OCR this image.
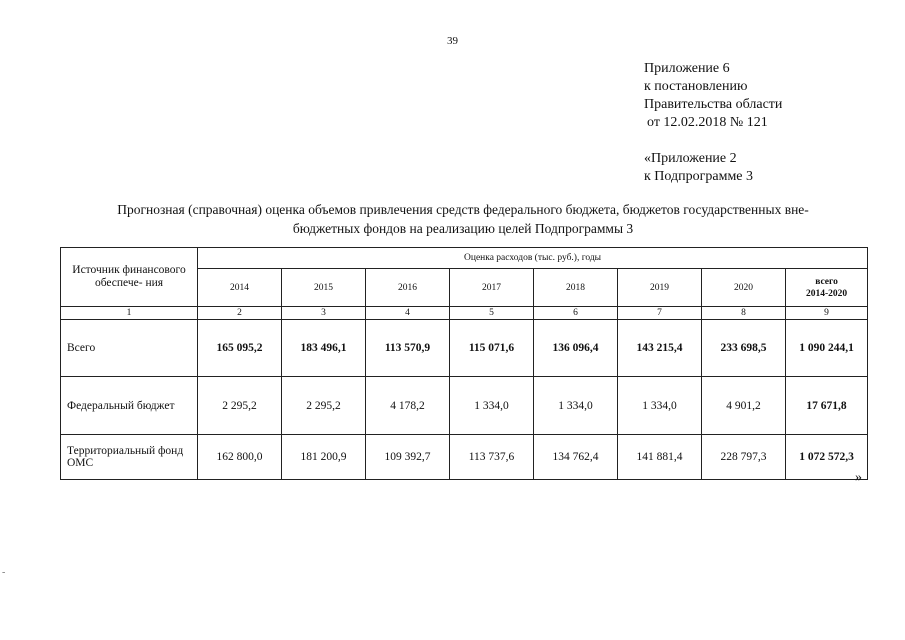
39
Приложение 6
к постановлению
Правительства области
от 12.02.2018 № 121
«Приложение 2
к Подпрограмме 3
Прогнозная (справочная) оценка объемов привлечения средств федерального бюджета, бюджетов государственных вне-
бюджетных фондов на реализацию целей Подпрограммы 3
Источник финансового обеспече- ния	Оценка расходов (тыс. руб.), годы							
	2014	2015	2016	2017	2018	2019	2020	всего
2014-2020

1	2	3	4	5	6	7	8	9
Всего	165 095,2	183 496,1	113 570,9	115 071,6	136 096,4	143 215,4	233 698,5	1 090 244,1
Федеральный бюджет	2 295,2	2 295,2	4 178,2	1 334,0	1 334,0	1 334,0	4 901,2	17 671,8
Территориальный фонд ОМС	162 800,0	181 200,9	109 392,7	113 737,6	134 762,4	141 881,4	228 797,3	1 072 572,3
»
-
